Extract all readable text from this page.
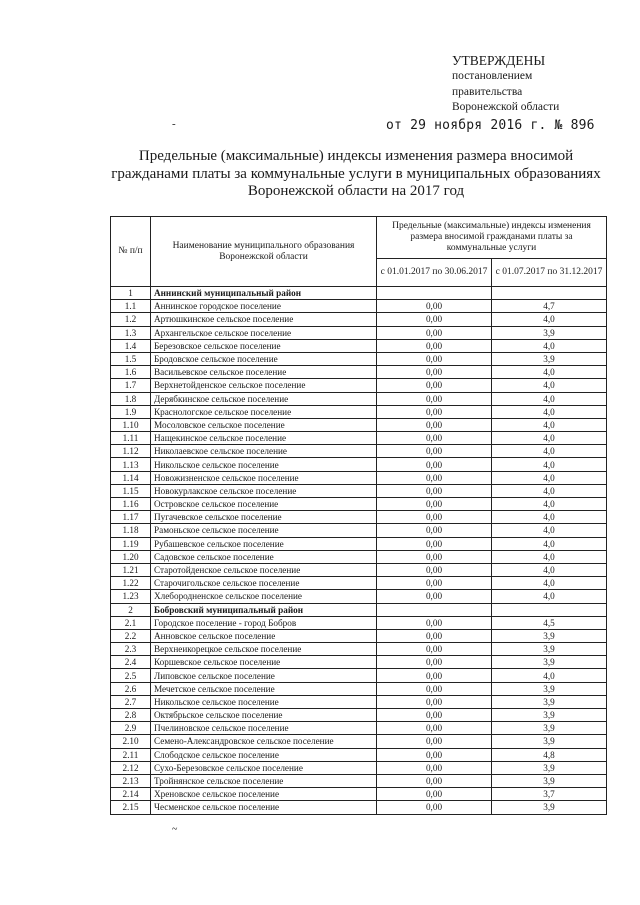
УТВЕРЖДЕНЫ
постановлением
правительства
Воронежской области
-	от 29 ноября 2016 г. № 896
Предельные (максимальные) индексы изменения размера вносимой
гражданами платы за коммунальные услуги в муниципальных образованиях
Воронежской области на 2017 год
№ п/п	Наименование муниципального образования Воронежской области	Предельные (максимальные) индексы изменения размера вносимой гражданами платы за коммунальные услуги	
		с 01.01.2017 по 30.06.2017	с 01.07.2017 по 31.12.2017
1	Аннинский муниципальный район		
1.1	Аннинское городское поселение	0,00	4,7
1.2	Артюшкинское сельское поселение	0,00	4,0
1.3	Архангельское сельское поселение	0,00	3,9
1.4	Березовское сельское поселение	0,00	4,0
1.5	Бродовское сельское поселение	0,00	3,9
1.6	Васильевское сельское поселение	0,00	4,0
1.7	Верхнетойденское сельское поселение	0,00	4,0
1.8	Дерябкинское сельское поселение	0,00	4,0
1.9	Краснологское сельское поселение	0,00	4,0
1.10	Мосоловское сельское поселение	0,00	4,0
1.11	Нащекинское сельское поселение	0,00	4,0
1.12	Николаевское сельское поселение	0,00	4,0
1.13	Никольское сельское поселение	0,00	4,0
1.14	Новожизненское сельское поселение	0,00	4,0
1.15	Новокурлакское сельское поселение	0,00	4,0
1.16	Островское сельское поселение	0,00	4,0
1.17	Пугачевское сельское поселение	0,00	4,0
1.18	Рамоньское сельское поселение	0,00	4,0
1.19	Рубашевское сельское поселение	0,00	4,0
1.20	Садовское сельское поселение	0,00	4,0
1.21	Старотойденское сельское поселение	0,00	4,0
1.22	Старочигольское сельское поселение	0,00	4,0
1.23	Хлебородненское сельское поселение	0,00	4,0
2	Бобровский муниципальный район		
2.1	Городское поселение - город Бобров	0,00	4,5
2.2	Анновское сельское поселение	0,00	3,9
2.3	Верхнеикорецкое сельское поселение	0,00	3,9
2.4	Коршевское сельское поселение	0,00	3,9
2.5	Липовское сельское поселение	0,00	4,0
2.6	Мечетское сельское поселение	0,00	3,9
2.7	Никольское сельское поселение	0,00	3,9
2.8	Октябрьское сельское поселение	0,00	3,9
2.9	Пчелиновское сельское поселение	0,00	3,9
2.10	Семено-Александровское сельское поселение	0,00	3,9
2.11	Слободское сельское поселение	0,00	4,8
2.12	Сухо-Березовское сельское поселение	0,00	3,9
2.13	Тройнянское сельское поселение	0,00	3,9
2.14	Хреновское сельское поселение	0,00	3,7
2.15	Чесменское сельское поселение	0,00	3,9
~
